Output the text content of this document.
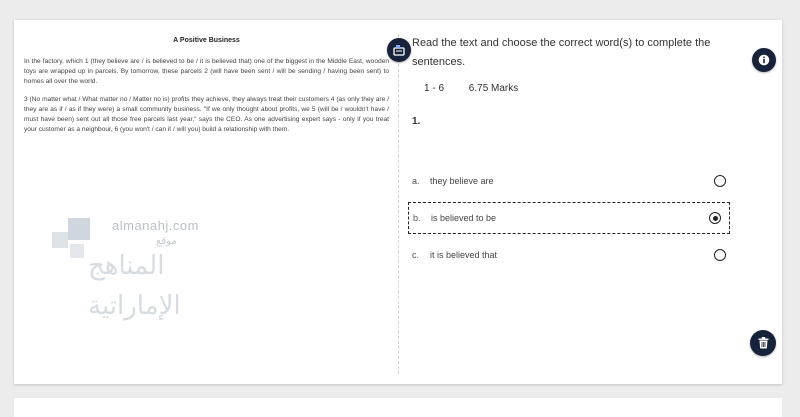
A Positive Business

In the factory, which 1 (they believe are / is believed to be / it is believed that) one of the biggest in the Middle East, wooden toys are wrapped up in parcels. By tomorrow, these parcels 2 (will have been sent / will be sending / having been sent) to homes all over the world.

3 (No matter what / What matter no / Matter no is) profits they achieve, they always treat their customers 4 (as only they are / they are as if / as if they were) a small community business. "If we only thought about profits, we 5 (will be / wouldn't have / must have been) sent out all those free parcels last year," says the CEO. As one advertising expert says - only if you treat your customer as a neighbour, 6 (you won't / can it / will you) build a relationship with them.

almanahj.com
موقع
المناهج الإماراتية

Read the text and choose the correct word(s) to complete the sentences.

1 - 6 6.75 Marks
1.
a.	they believe are
b.	is believed to be
c.	it is believed that
